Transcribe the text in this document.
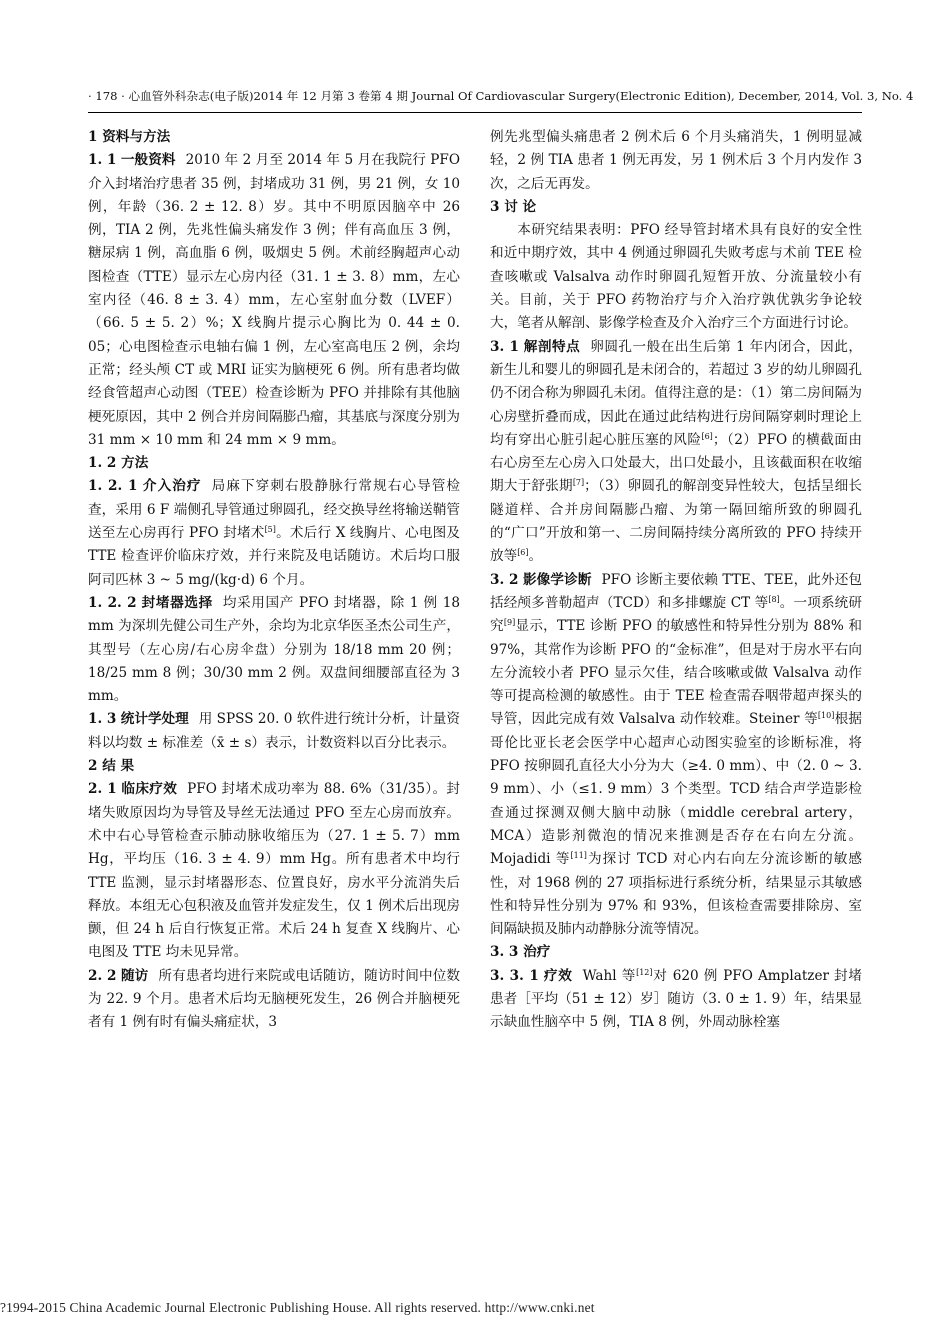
· 178 · 心血管外科杂志(电子版)2014 年 12 月第 3 卷第 4 期 Journal Of Cardiovascular Surgery(Electronic Edition), December, 2014, Vol. 3, No. 4

1 资料与方法

1. 1 一般资料 2010 年 2 月至 2014 年 5 月在我院行 PFO 介入封堵治疗患者 35 例，封堵成功 31 例，男 21 例，女 10 例，年龄（36. 2 ± 12. 8）岁。其中不明原因脑卒中 26 例，TIA 2 例，先兆性偏头痛发作 3 例；伴有高血压 3 例，糖尿病 1 例，高血脂 6 例，吸烟史 5 例。术前经胸超声心动图检查（TTE）显示左心房内径（31. 1 ± 3. 8）mm，左心室内径（46. 8 ± 3. 4）mm，左心室射血分数（LVEF）（66. 5 ± 5. 2）%；X 线胸片提示心胸比为 0. 44 ± 0. 05；心电图检查示电轴右偏 1 例，左心室高电压 2 例，余均正常；经头颅 CT 或 MRI 证实为脑梗死 6 例。所有患者均做经食管超声心动图（TEE）检查诊断为 PFO 并排除有其他脑梗死原因，其中 2 例合并房间隔膨凸瘤，其基底与深度分别为 31 mm × 10 mm 和 24 mm × 9 mm。

1. 2 方法

1. 2. 1 介入治疗 局麻下穿刺右股静脉行常规右心导管检查，采用 6 F 端侧孔导管通过卵圆孔，经交换导丝将输送鞘管送至左心房再行 PFO 封堵术[5]。术后行 X 线胸片、心电图及 TTE 检查评价临床疗效，并行来院及电话随访。术后均口服阿司匹林 3 ~ 5 mg/(kg·d) 6 个月。

1. 2. 2 封堵器选择 均采用国产 PFO 封堵器，除 1 例 18 mm 为深圳先健公司生产外，余均为北京华医圣杰公司生产，其型号（左心房/右心房伞盘）分别为 18/18 mm 20 例；18/25 mm 8 例；30/30 mm 2 例。双盘间细腰部直径为 3 mm。

1. 3 统计学处理 用 SPSS 20. 0 软件进行统计分析，计量资料以均数 ± 标准差（x̄ ± s）表示，计数资料以百分比表示。

2 结 果

2. 1 临床疗效 PFO 封堵术成功率为 88. 6%（31/35）。封堵失败原因均为导管及导丝无法通过 PFO 至左心房而放弃。术中右心导管检查示肺动脉收缩压为（27. 1 ± 5. 7）mm Hg，平均压（16. 3 ± 4. 9）mm Hg。所有患者术中均行 TTE 监测，显示封堵器形态、位置良好，房水平分流消失后释放。本组无心包积液及血管并发症发生，仅 1 例术后出现房颤，但 24 h 后自行恢复正常。术后 24 h 复查 X 线胸片、心电图及 TTE 均未见异常。

2. 2 随访 所有患者均进行来院或电话随访，随访时间中位数为 22. 9 个月。患者术后均无脑梗死发生，26 例合并脑梗死者有 1 例有时有偏头痛症状，3

例先兆型偏头痛患者 2 例术后 6 个月头痛消失，1 例明显减轻，2 例 TIA 患者 1 例无再发，另 1 例术后 3 个月内发作 3 次，之后无再发。

3 讨 论

本研究结果表明：PFO 经导管封堵术具有良好的安全性和近中期疗效，其中 4 例通过卵圆孔失败考虑与术前 TEE 检查咳嗽或 Valsalva 动作时卵圆孔短暂开放、分流量较小有关。目前，关于 PFO 药物治疗与介入治疗孰优孰劣争论较大，笔者从解剖、影像学检查及介入治疗三个方面进行讨论。

3. 1 解剖特点 卵圆孔一般在出生后第 1 年内闭合，因此，新生儿和婴儿的卵圆孔是未闭合的，若超过 3 岁的幼儿卵圆孔仍不闭合称为卵圆孔未闭。值得注意的是：（1）第二房间隔为心房壁折叠而成，因此在通过此结构进行房间隔穿刺时理论上均有穿出心脏引起心脏压塞的风险[6]；（2）PFO 的横截面由右心房至左心房入口处最大，出口处最小，且该截面积在收缩期大于舒张期[7]；（3）卵圆孔的解剖变异性较大，包括呈细长隧道样、合并房间隔膨凸瘤、为第一隔回缩所致的卵圆孔的“广口”开放和第一、二房间隔持续分离所致的 PFO 持续开放等[6]。

3. 2 影像学诊断 PFO 诊断主要依赖 TTE、TEE，此外还包括经颅多普勒超声（TCD）和多排螺旋 CT 等[8]。一项系统研究[9]显示，TTE 诊断 PFO 的敏感性和特异性分别为 88% 和 97%，其常作为诊断 PFO 的“金标准”，但是对于房水平右向左分流较小者 PFO 显示欠佳，结合咳嗽或做 Valsalva 动作等可提高检测的敏感性。由于 TEE 检查需吞咽带超声探头的导管，因此完成有效 Valsalva 动作较难。Steiner 等[10]根据哥伦比亚长老会医学中心超声心动图实验室的诊断标准，将 PFO 按卵圆孔直径大小分为大（≥4. 0 mm）、中（2. 0 ~ 3. 9 mm）、小（≤1. 9 mm）3 个类型。TCD 结合声学造影检查通过探测双侧大脑中动脉（middle cerebral artery，MCA）造影剂微泡的情况来推测是否存在右向左分流。Mojadidi 等[11]为探讨 TCD 对心内右向左分流诊断的敏感性，对 1968 例的 27 项指标进行系统分析，结果显示其敏感性和特异性分别为 97% 和 93%，但该检查需要排除房、室间隔缺损及肺内动静脉分流等情况。

3. 3 治疗

3. 3. 1 疗效 Wahl 等[12]对 620 例 PFO Amplatzer 封堵患者［平均（51 ± 12）岁］随访（3. 0 ± 1. 9）年，结果显示缺血性脑卒中 5 例，TIA 8 例，外周动脉栓塞

?1994-2015 China Academic Journal Electronic Publishing House. All rights reserved. http://www.cnki.net
